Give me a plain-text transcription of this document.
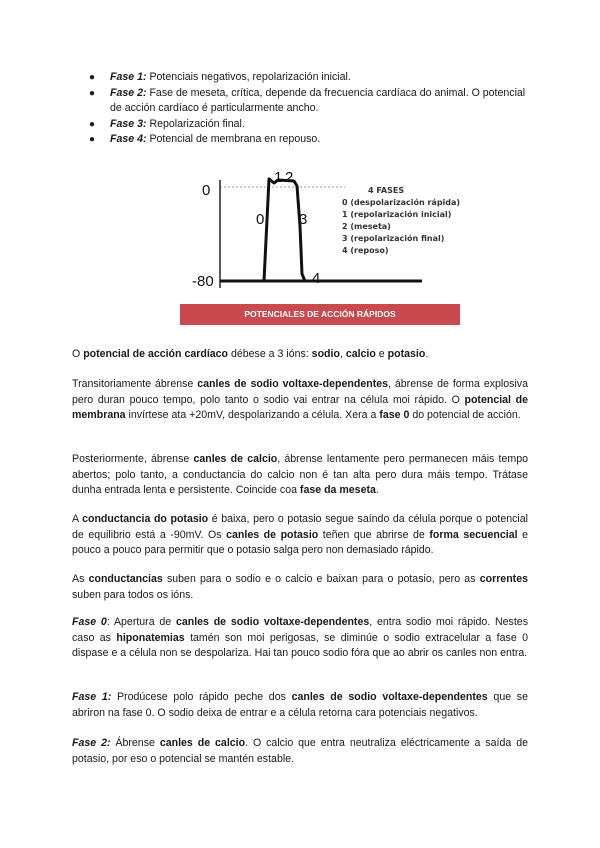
● Fase 1: Potenciais negativos, repolarización inicial.
● Fase 2: Fase de meseta, crítica, depende da frecuencia cardíaca do animal. O potencial de acción cardíaco é particularmente ancho.
● Fase 3: Repolarización final.
● Fase 4: Potencial de membrana en repouso.
0
-80
0
1 2
3
4
4 FASES
0 (despolarización rápida)
1 (repolarización inicial)
2 (meseta)
3 (repolarización final)
4 (reposo)
POTENCIALES DE ACCIÓN RÁPIDOS

O potencial de acción cardíaco débese a 3 ións: sodio, calcio e potasio.

Transitoriamente ábrense canles de sodio voltaxe-dependentes, ábrense de forma explosiva pero duran pouco tempo, polo tanto o sodio vai entrar na célula moi rápido. O potencial de membrana invírtese ata +20mV, despolarizando a célula. Xera a fase 0 do potencial de acción.

Posteriormente, ábrense canles de calcio, ábrense lentamente pero permanecen máis tempo abertos; polo tanto, a conductancia do calcio non é tan alta pero dura máis tempo. Trátase dunha entrada lenta e persistente. Coincide coa fase da meseta.

A conductancia do potasio é baixa, pero o potasio segue saíndo da célula porque o potencial de equilibrio está a -90mV. Os canles de potasio teñen que abrirse de forma secuencial e pouco a pouco para permitir que o potasio salga pero non demasiado rápido.

As conductancias suben para o sodio e o calcio e baixan para o potasio, pero as correntes suben para todos os ións.

Fase 0: Apertura de canles de sodio voltaxe-dependentes, entra sodio moi rápido. Nestes caso as hiponatemias tamén son moi perigosas, se diminúe o sodio extracelular a fase 0 dispase e a célula non se despolariza. Hai tan pouco sodio fóra que ao abrir os canles non entra.

Fase 1: Prodúcese polo rápido peche dos canles de sodio voltaxe-dependentes que se abriron na fase 0. O sodio deixa de entrar e a célula retorna cara potenciais negativos.

Fase 2: Ábrense canles de calcio. O calcio que entra neutraliza eléctricamente a saída de potasio, por eso o potencial se mantén estable.
